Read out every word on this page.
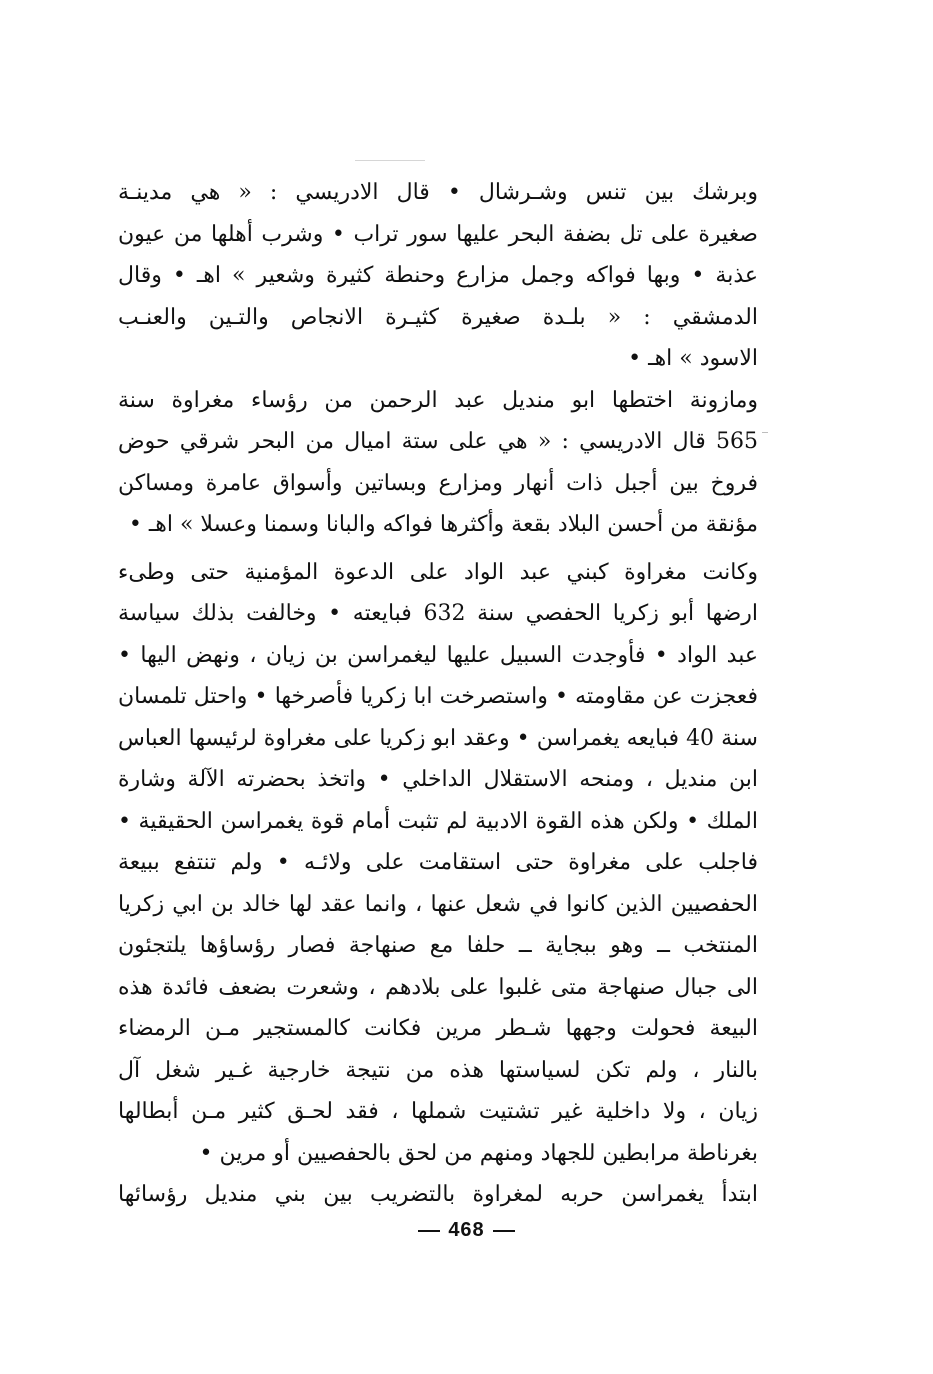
وبرشك بين تنس وشـرشال • قال الادريسي : « هي مدينـة
صغيرة على تل بضفة البحر عليها سور تراب • وشرب أهلها من عيون
عذبة • وبها فواكه وجمل مزارع وحنطة كثيرة وشعير » اهـ • وقال
الدمشقي : « بلـدة صغيرة كثيـرة الانجاص والتـين والعنـب
الاسود » اهـ •

ومازونة اختطها ابو منديل عبد الرحمن من رؤساء مغراوة سنة
565 قال الادريسي : « هي على ستة اميال من البحر شرقي حوض
فروخ بين أجبل ذات أنهار ومزارع وبساتين وأسواق عامرة ومساكن
مؤنقة من أحسن البلاد بقعة وأكثرها فواكه والبانا وسمنا وعسلا » اهـ •

وكانت مغراوة كبني عبد الواد على الدعوة المؤمنية حتى وطىء
ارضها أبو زكريا الحفصي سنة 632 فبايعته • وخالفت بذلك سياسة
عبد الواد • فأوجدت السبيل عليها ليغمراسن بن زيان ، ونهض اليها •
فعجزت عن مقاومته • واستصرخت ابا زكريا فأصرخها • واحتل تلمسان
سنة 40 فبايعه يغمراسن • وعقد ابو زكريا على مغراوة لرئيسها العباس
ابن منديل ، ومنحه الاستقلال الداخلي • واتخذ بحضرته الآلة وشارة
الملك • ولكن هذه القوة الادبية لم تثبت أمام قوة يغمراسن الحقيقية •
فاجلب على مغراوة حتى استقامت على ولائـه • ولم تنتفع ببيعة
الحفصيين الذين كانوا في شعل عنها ، وانما عقد لها خالد بن ابي زكريا
المنتخب ــ وهو ببجاية ــ حلفا مع صنهاجة فصار رؤساؤها يلتجئون
الى جبال صنهاجة متى غلبوا على بلادهم ، وشعرت بضعف فائدة هذه
البيعة فحولت وجهها شـطر مرين فكانت كالمستجير مـن الرمضاء
بالنار ، ولم تكن لسياستها هذه من نتيجة خارجية غـير شغل آل
زيان ، ولا داخلية غير تشتيت شملها ، فقد لحـق كثير مـن أبطالها
بغرناطة مرابطين للجهاد ومنهم من لحق بالحفصيين أو مرين •

ابتدأ يغمراسن حربه لمغراوة بالتضريب بين بني منديل رؤسائها

468
